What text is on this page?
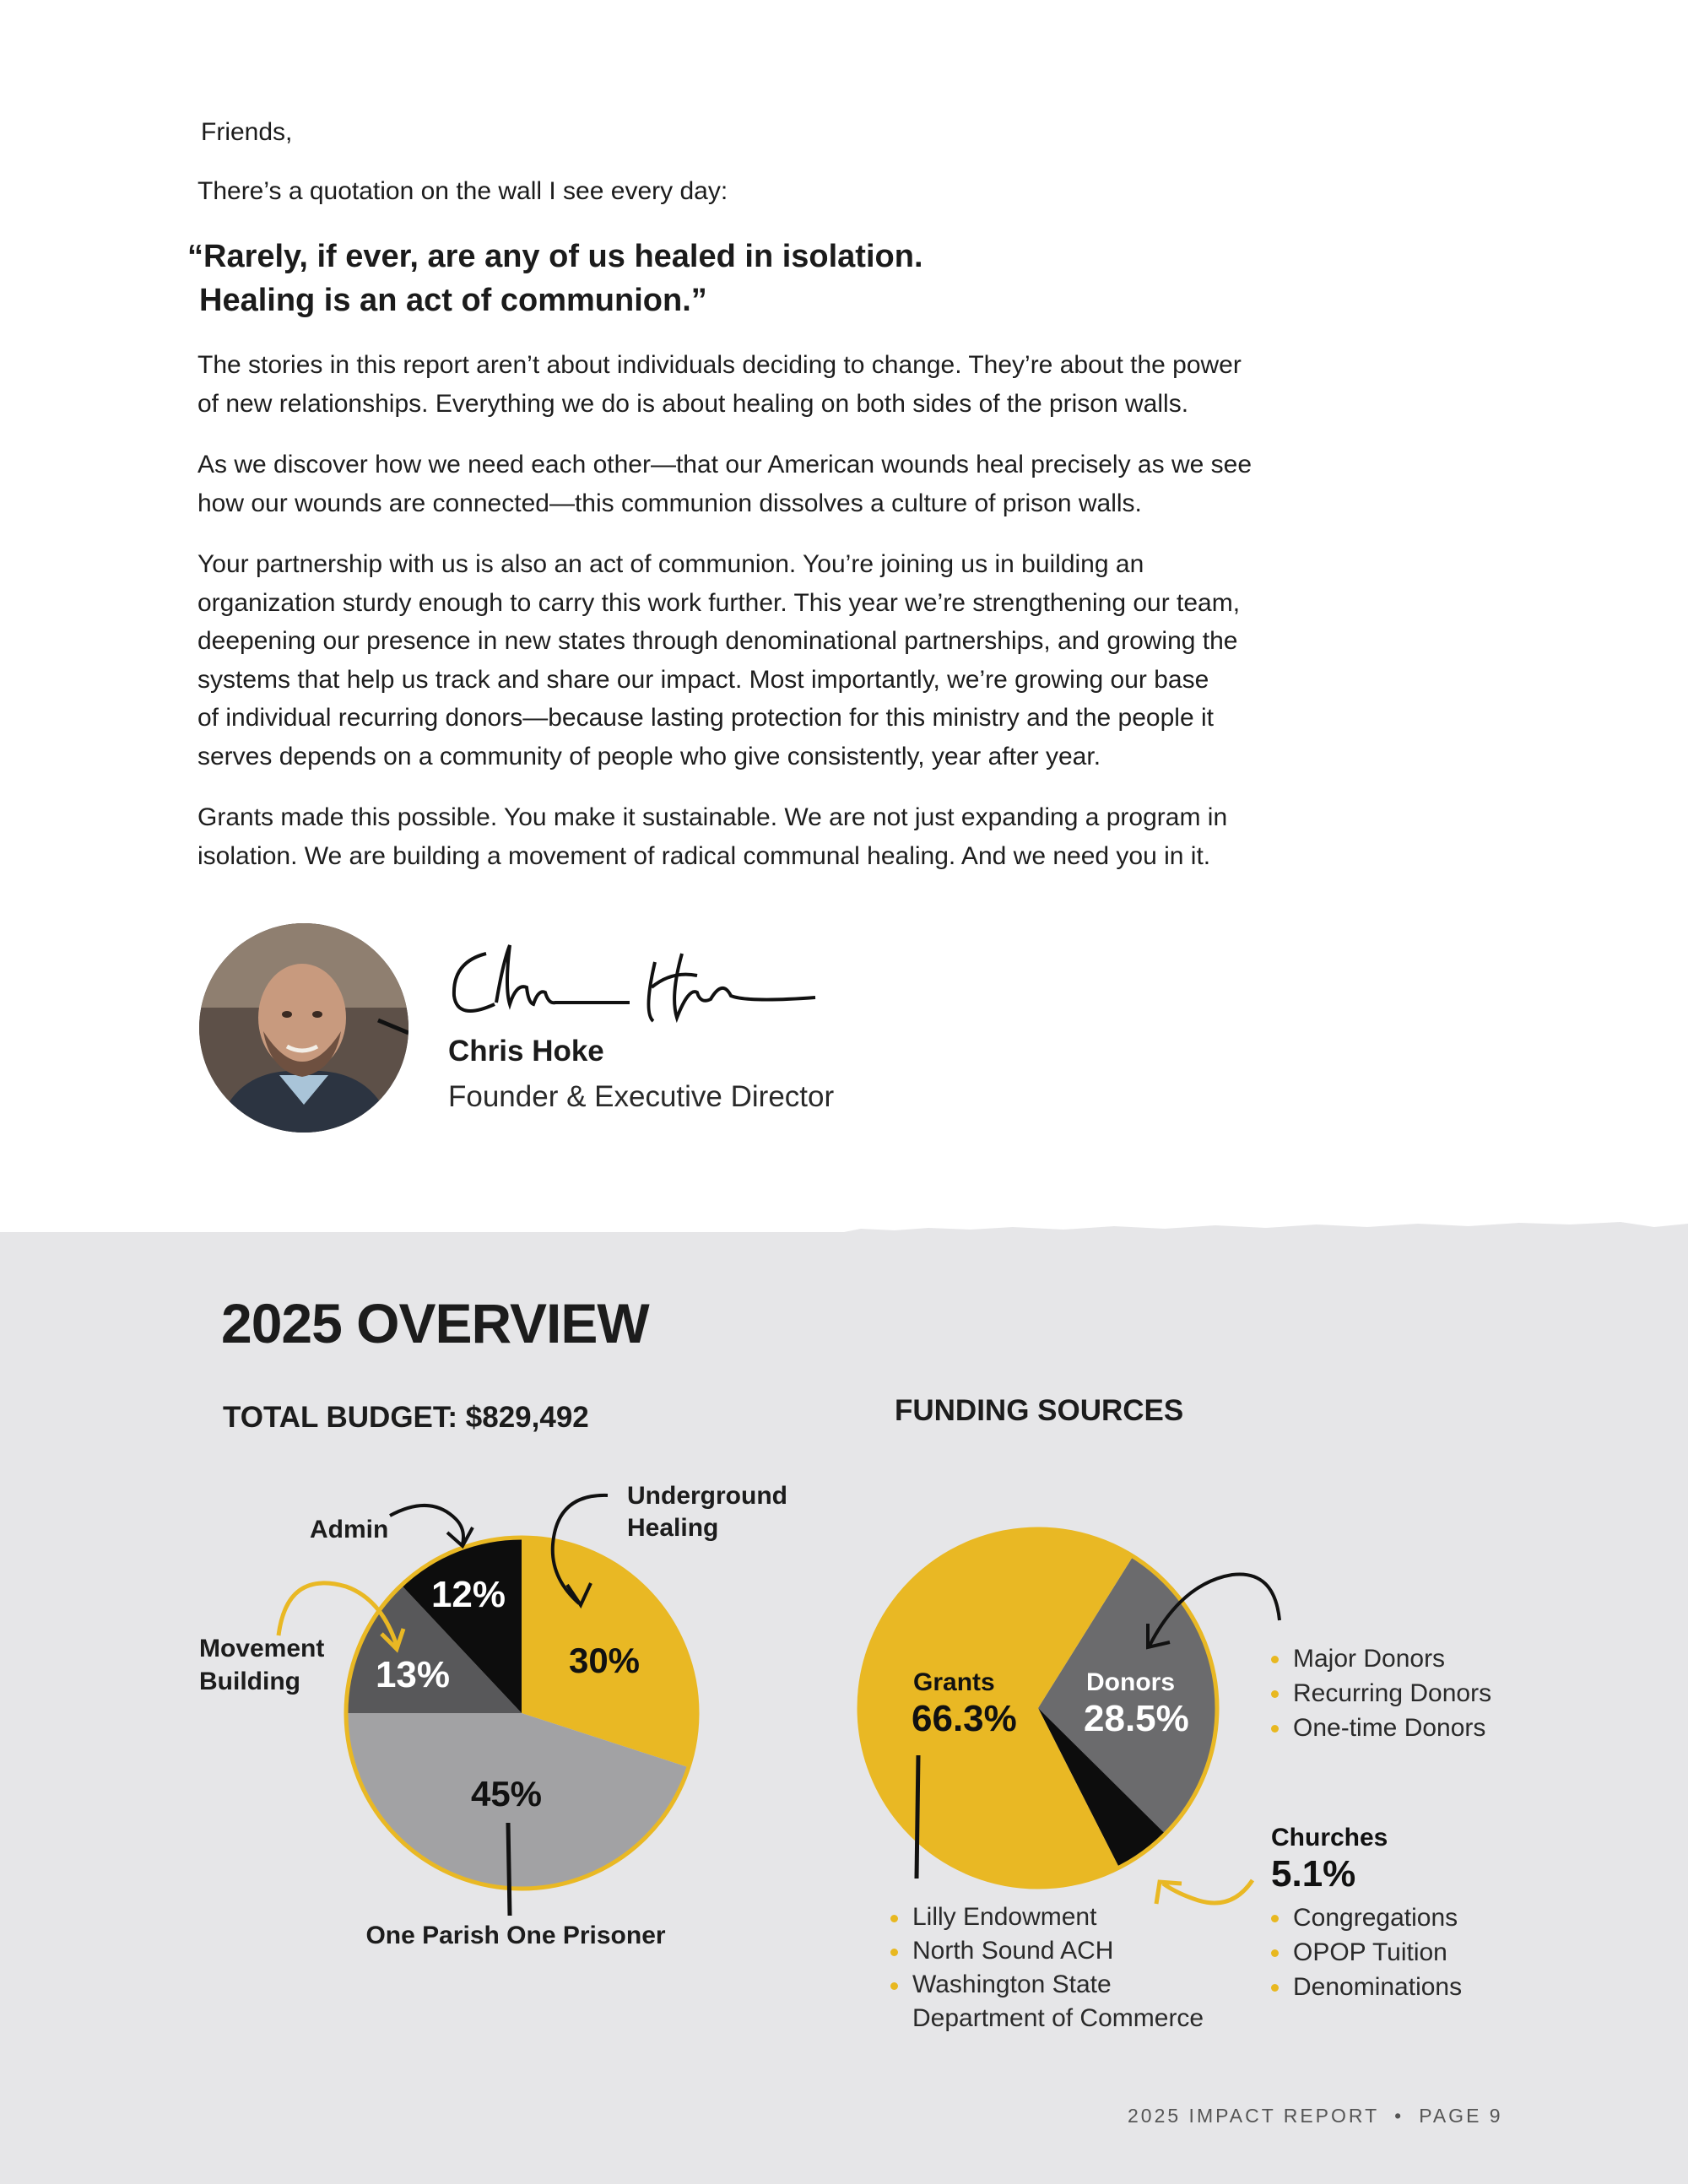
Friends,
There’s a quotation on the wall I see every day:
“Rarely, if ever, are any of us healed in isolation.
Healing is an act of communion.”
The stories in this report aren’t about individuals deciding to change. They’re about the power
of new relationships. Everything we do is about healing on both sides of the prison walls.
As we discover how we need each other—that our American wounds heal precisely as we see
how our wounds are connected—this communion dissolves a culture of prison walls.
Your partnership with us is also an act of communion. You’re joining us in building an
organization sturdy enough to carry this work further. This year we’re strengthening our team,
deepening our presence in new states through denominational partnerships, and growing the
systems that help us track and share our impact. Most importantly, we’re growing our base
of individual recurring donors—because lasting protection for this ministry and the people it
serves depends on a community of people who give consistently, year after year.
Grants made this possible. You make it sustainable. We are not just expanding a program in
isolation. We are building a movement of radical communal healing. And we need you in it.
Chris Hoke
Founder & Executive Director
2025 OVERVIEW
TOTAL BUDGET: $829,492	FUNDING SOURCES
30%
45%
13%
12%
Underground
Healing
Admin
Movement
Building
One Parish One Prisoner
Grants
66.3%
Donors
28.5%
Churches
5.1%
Major Donors
Recurring Donors
One-time Donors
Congregations
OPOP Tuition
Denominations
Lilly Endowment
North Sound ACH
Washington State
Department of Commerce
2025 IMPACT REPORT • PAGE 9
